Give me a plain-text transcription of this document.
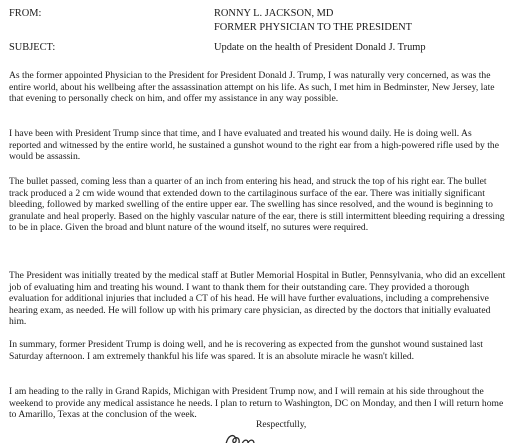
FROM:	RONNY L. JACKSON, MD
FORMER PHYSICIAN TO THE PRESIDENT
SUBJECT:	Update on the health of President Donald J. Trump

As the former appointed Physician to the President for President Donald J. Trump, I was naturally very concerned, as was the entire world, about his wellbeing after the assassination attempt on his life. As such, I met him in Bedminster, New Jersey, late that evening to personally check on him, and offer my assistance in any way possible.

I have been with President Trump since that time, and I have evaluated and treated his wound daily. He is doing well. As reported and witnessed by the entire world, he sustained a gunshot wound to the right ear from a high-powered rifle used by the would be assassin.

The bullet passed, coming less than a quarter of an inch from entering his head, and struck the top of his right ear. The bullet track produced a 2 cm wide wound that extended down to the cartilaginous surface of the ear. There was initially significant bleeding, followed by marked swelling of the entire upper ear. The swelling has since resolved, and the wound is beginning to granulate and heal properly. Based on the highly vascular nature of the ear, there is still intermittent bleeding requiring a dressing to be in place. Given the broad and blunt nature of the wound itself, no sutures were required.

The President was initially treated by the medical staff at Butler Memorial Hospital in Butler, Pennsylvania, who did an excellent job of evaluating him and treating his wound. I want to thank them for their outstanding care. They provided a thorough evaluation for additional injuries that included a CT of his head. He will have further evaluations, including a comprehensive hearing exam, as needed. He will follow up with his primary care physician, as directed by the doctors that initially evaluated him.

In summary, former President Trump is doing well, and he is recovering as expected from the gunshot wound sustained last Saturday afternoon. I am extremely thankful his life was spared. It is an absolute miracle he wasn't killed.

I am heading to the rally in Grand Rapids, Michigan with President Trump now, and I will remain at his side throughout the weekend to provide any medical assistance he needs. I plan to return to Washington, DC on Monday, and then I will return home to Amarillo, Texas at the conclusion of the week.

Respectfully,
